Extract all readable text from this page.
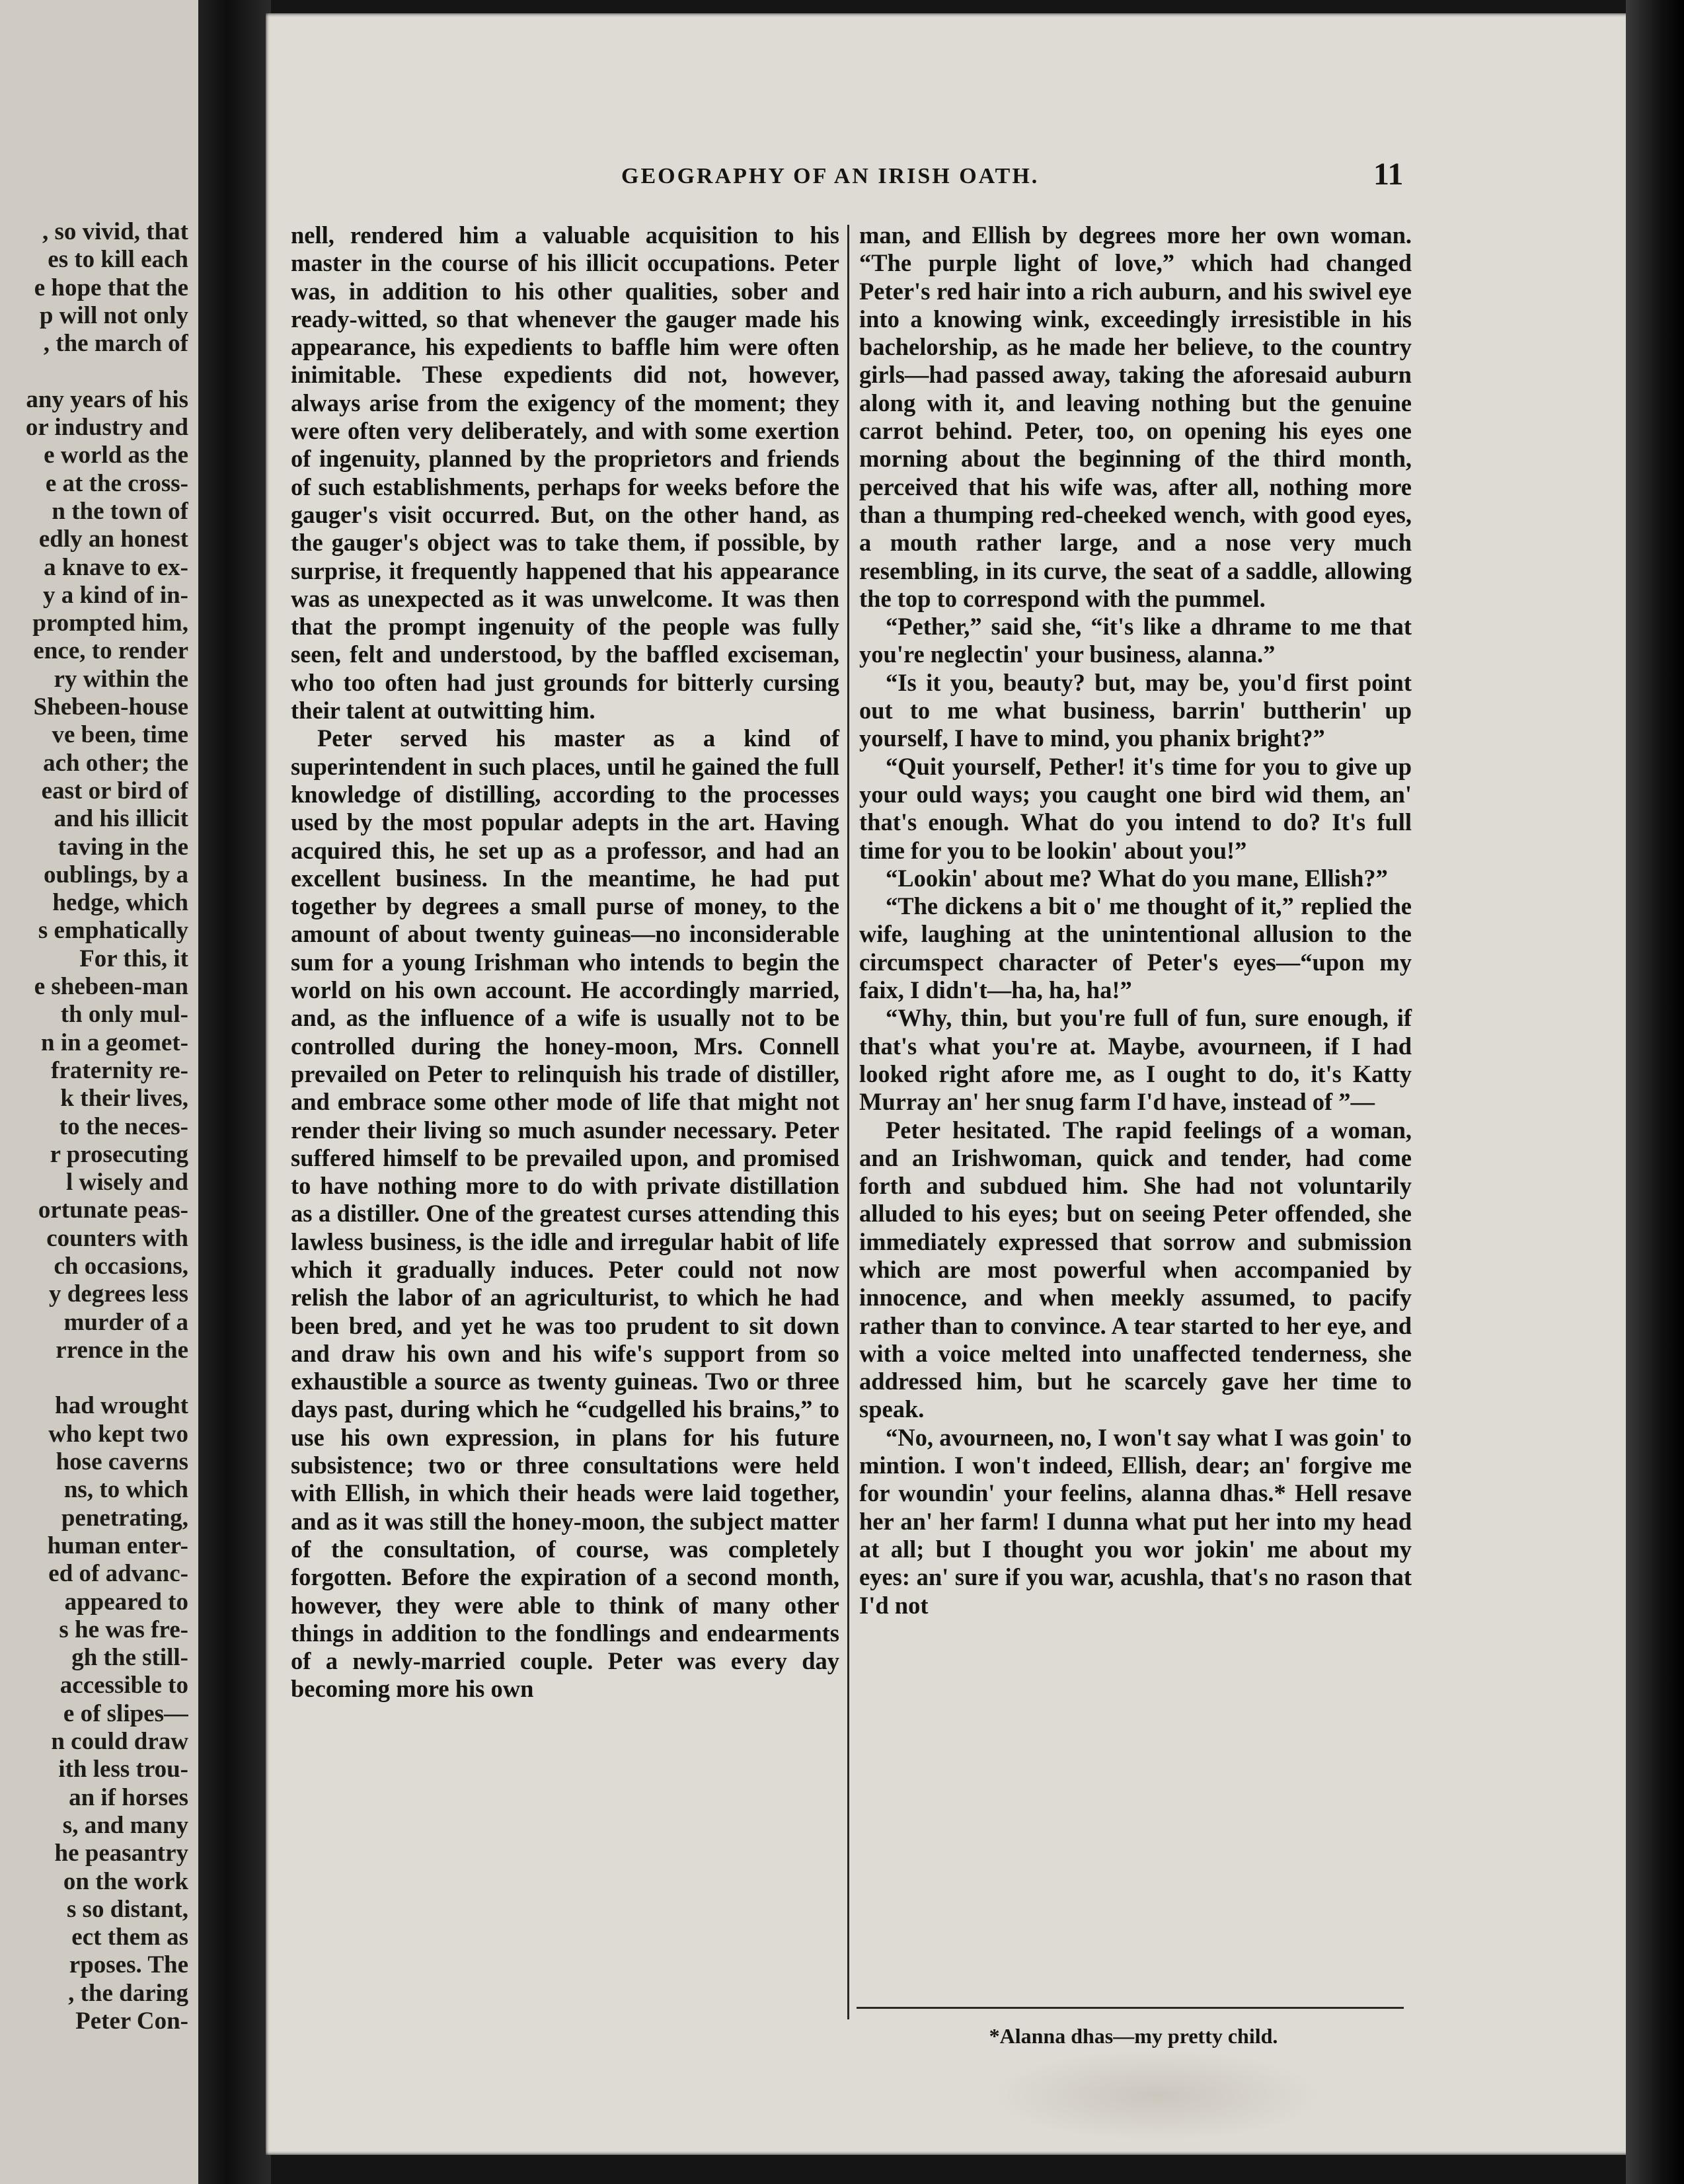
, so vivid, that
es to kill each
e hope that the
p will not only
, the march of

any years of his
or industry and
e world as the
e at the cross-
n the town of
edly an honest
a knave to ex-
y a kind of in-
prompted him,
ence, to render
ry within the
Shebeen-house
ve been, time
ach other; the
east or bird of
and his illicit
taving in the
oublings, by a
hedge, which
s emphatically
For this, it
e shebeen-man
th only mul-
n in a geomet-
fraternity re-
k their lives,
to the neces-
r prosecuting
l wisely and
ortunate peas-
counters with
ch occasions,
y degrees less
murder of a
rrence in the

had wrought
who kept two
hose caverns
ns, to which
penetrating,
human enter-
ed of advanc-
appeared to
s he was fre-
gh the still-
accessible to
e of slipes—
n could draw
ith less trou-
an if horses
s, and many
he peasantry
on the work
s so distant,
ect them as
rposes. The
, the daring
Peter Con-
GEOGRAPHY OF AN IRISH OATH.	11

nell, rendered him a valuable acquisition to his master in the course of his illicit occupations. Peter was, in addition to his other qualities, sober and ready-witted, so that whenever the gauger made his appearance, his expedients to baffle him were often inimitable. These expedients did not, however, always arise from the exigency of the moment; they were often very deliberately, and with some exertion of ingenuity, planned by the proprietors and friends of such establishments, perhaps for weeks before the gauger's visit occurred. But, on the other hand, as the gauger's object was to take them, if possible, by surprise, it frequently happened that his appearance was as unexpected as it was unwelcome. It was then that the prompt ingenuity of the people was fully seen, felt and understood, by the baffled exciseman, who too often had just grounds for bitterly cursing their talent at outwitting him.

Peter served his master as a kind of superintendent in such places, until he gained the full knowledge of distilling, according to the processes used by the most popular adepts in the art. Having acquired this, he set up as a professor, and had an excellent business. In the meantime, he had put together by degrees a small purse of money, to the amount of about twenty guineas—no inconsiderable sum for a young Irishman who intends to begin the world on his own account. He accordingly married, and, as the influence of a wife is usually not to be controlled during the honey-moon, Mrs. Connell prevailed on Peter to relinquish his trade of distiller, and embrace some other mode of life that might not render their living so much asunder necessary. Peter suffered himself to be prevailed upon, and promised to have nothing more to do with private distillation as a distiller. One of the greatest curses attending this lawless business, is the idle and irregular habit of life which it gradually induces. Peter could not now relish the labor of an agriculturist, to which he had been bred, and yet he was too prudent to sit down and draw his own and his wife's support from so exhaustible a source as twenty guineas. Two or three days past, during which he “cudgelled his brains,” to use his own expression, in plans for his future subsistence; two or three consultations were held with Ellish, in which their heads were laid together, and as it was still the honey-moon, the subject matter of the consultation, of course, was completely forgotten. Before the expiration of a second month, however, they were able to think of many other things in addition to the fondlings and endearments of a newly-married couple. Peter was every day becoming more his own

man, and Ellish by degrees more her own woman. “The purple light of love,” which had changed Peter's red hair into a rich auburn, and his swivel eye into a knowing wink, exceedingly irresistible in his bachelorship, as he made her believe, to the country girls—had passed away, taking the aforesaid auburn along with it, and leaving nothing but the genuine carrot behind. Peter, too, on opening his eyes one morning about the beginning of the third month, perceived that his wife was, after all, nothing more than a thumping red-cheeked wench, with good eyes, a mouth rather large, and a nose very much resembling, in its curve, the seat of a saddle, allowing the top to correspond with the pummel.

“Pether,” said she, “it's like a dhrame to me that you're neglectin' your business, alanna.”

“Is it you, beauty? but, may be, you'd first point out to me what business, barrin' buttherin' up yourself, I have to mind, you phanix bright?”

“Quit yourself, Pether! it's time for you to give up your ould ways; you caught one bird wid them, an' that's enough. What do you intend to do? It's full time for you to be lookin' about you!”

“Lookin' about me? What do you mane, Ellish?”

“The dickens a bit o' me thought of it,” replied the wife, laughing at the unintentional allusion to the circumspect character of Peter's eyes—“upon my faix, I didn't—ha, ha, ha!”

“Why, thin, but you're full of fun, sure enough, if that's what you're at. Maybe, avourneen, if I had looked right afore me, as I ought to do, it's Katty Murray an' her snug farm I'd have, instead of ”—

Peter hesitated. The rapid feelings of a woman, and an Irishwoman, quick and tender, had come forth and subdued him. She had not voluntarily alluded to his eyes; but on seeing Peter offended, she immediately expressed that sorrow and submission which are most powerful when accompanied by innocence, and when meekly assumed, to pacify rather than to convince. A tear started to her eye, and with a voice melted into unaffected tenderness, she addressed him, but he scarcely gave her time to speak.

“No, avourneen, no, I won't say what I was goin' to mintion. I won't indeed, Ellish, dear; an' forgive me for woundin' your feelins, alanna dhas.* Hell resave her an' her farm! I dunna what put her into my head at all; but I thought you wor jokin' me about my eyes: an' sure if you war, acushla, that's no rason that I'd not

*Alanna dhas—my pretty child.
